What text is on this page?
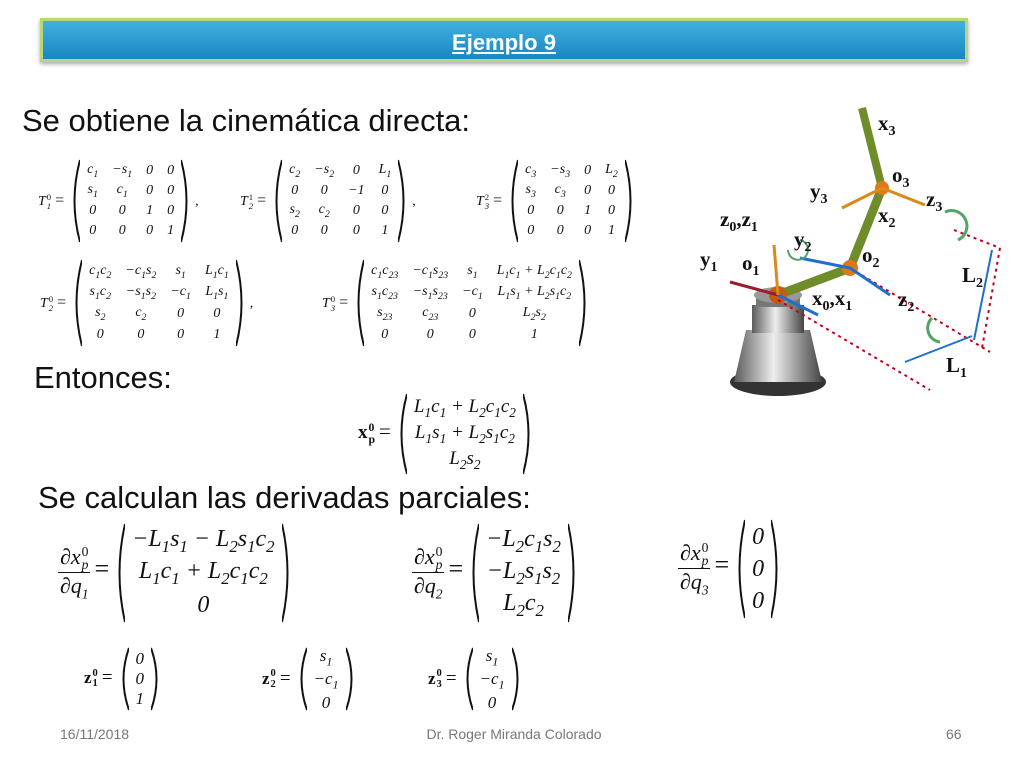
Ejemplo 9
Se obtiene la cinemática directa:
T 0
$1 =c_1$	$-s_1$	0	0
$s_1$	$c_1$	0	0
0	0	1	0
0	0	0	1,	T 1
$2 =c_2$	$-s_2$	0	$L_1$
0	0	−1	0
$s_2$	$c_2$	0	0
0	0	0	1,	T 2
$3 =c_3$	$-s_3$	0	$L_2$
$s_3$	$c_3$	0	0
0	0	1	0
0	0	0	1
T 0
$2 =c_1c_2$	$-c_1s_2$	$s_1$	$L_1c_1$
$s_1c_2$	$-s_1s_2$	$-c_1$	$L_1s_1$
$s_2$	$c_2$	0	0
0	0	0	1,	T 0
$3 =c_1c_{23}$	$-c_1s_{23}$	$s_1$	$L_1c_1 + L_2c_1c_2$
$s_1c_{23}$	$-s_1s_{23}$	$-c_1$	$L_1s_1 + L_2s_1c_2$
$s_{23}$	$c_{23}$	0	$L_2s_2$
0	0	0	1
Entonces:
x 0
$p =L_1c_1 + L_2c_1c_2$
$L_1s_1 + L_2s_1c_2$
$L_2s_2$
Se calculan las derivadas parciales:
∂x 0
p
$\partial q_1 =-L_1s_1 - L_2s_1c_2$
$L_1c_1 + L_2c_1c_2$
0
∂x 0
p
$\partial q_2 =-L_2c_1s_2$
$-L_2s_1s_2$
$L_2c_2$
∂x 0
p
$\partial q_3 =0$
0
0
z 0
1 =0
0
1
z 0
$2 =s_1$
$-c_1$
0
z 0
$3 =s_1$
$-c_1$
0
$x_3$
$o_3$
$y_3$	$z_3$
$x_2$
$z_0,z_1$ $y_2$ $o_2$
$y_1$ $o_1$	$L_2$
$x_0,x_1$ $z_2$
$L_1$
16/11/2018	Dr. Roger Miranda Colorado	66
